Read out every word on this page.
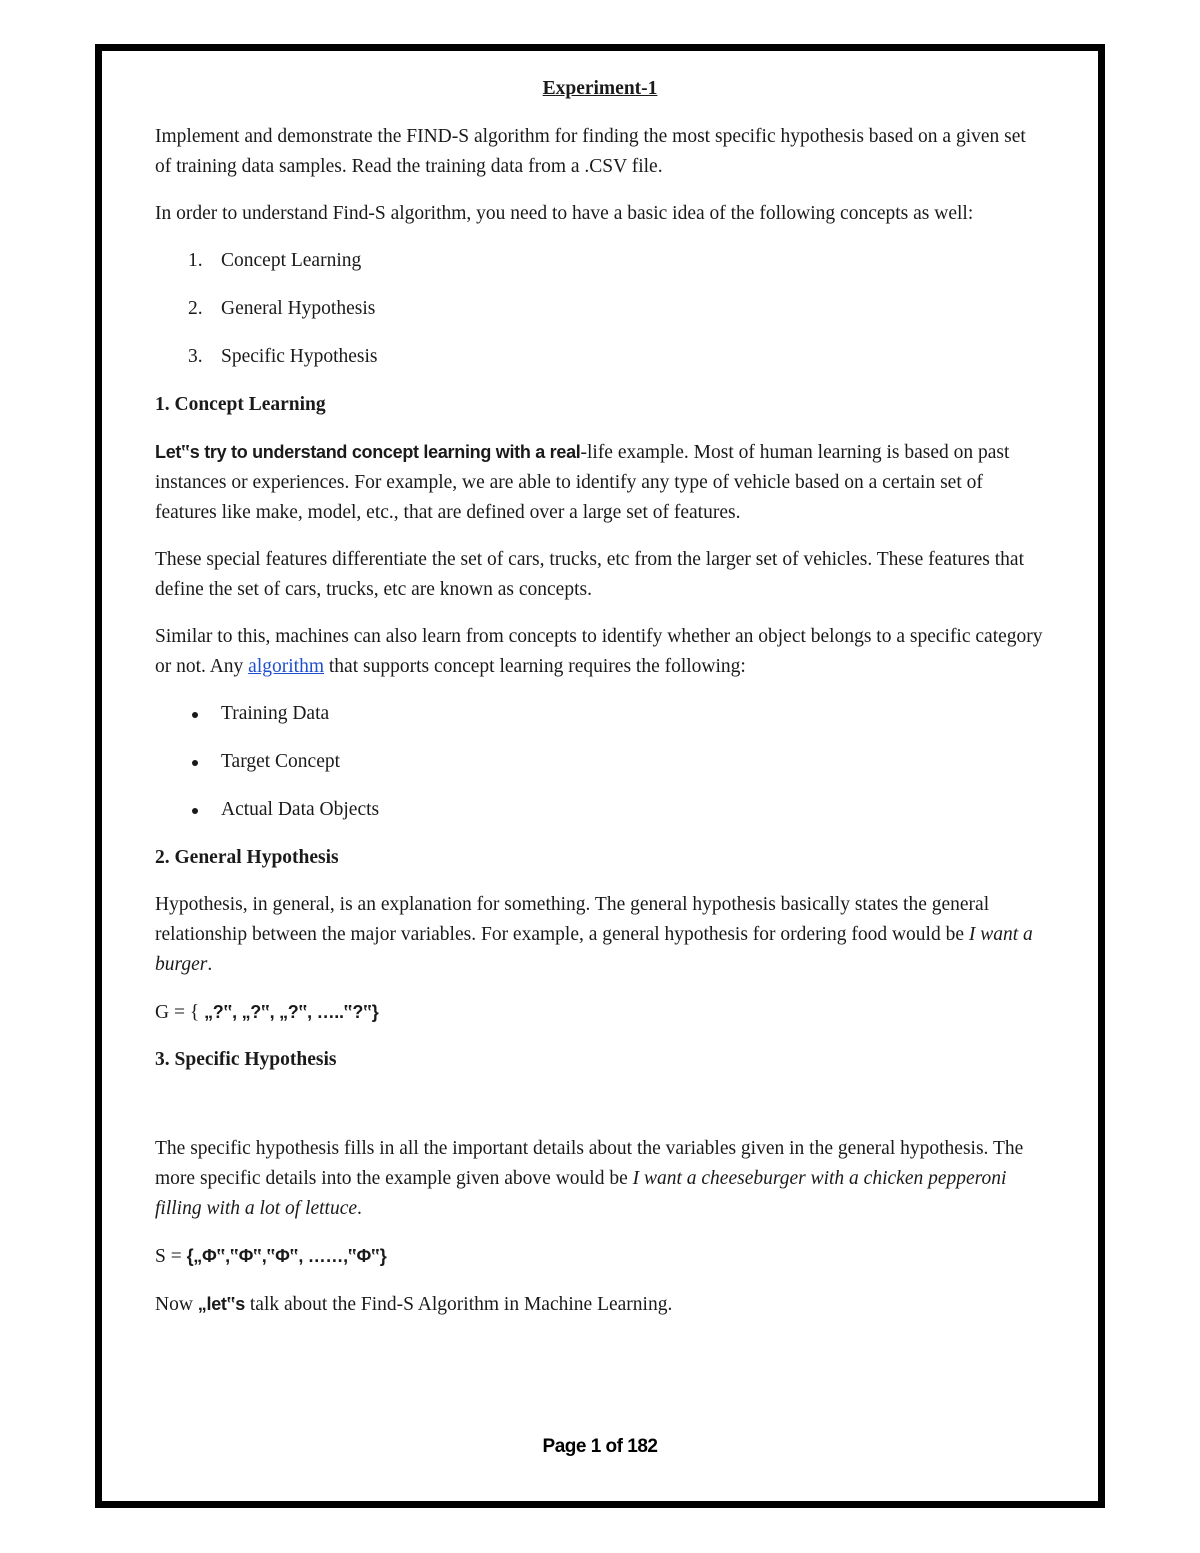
Experiment-1

Implement and demonstrate the FIND-S algorithm for finding the most specific hypothesis based on a given set of training data samples. Read the training data from a .CSV file.

In order to understand Find-S algorithm, you need to have a basic idea of the following concepts as well:

1. Concept Learning
2. General Hypothesis
3. Specific Hypothesis
1. Concept Learning

Let‟s try to understand concept learning with a real-life example. Most of human learning is based on past instances or experiences. For example, we are able to identify any type of vehicle based on a certain set of features like make, model, etc., that are defined over a large set of features.

These special features differentiate the set of cars, trucks, etc from the larger set of vehicles. These features that define the set of cars, trucks, etc are known as concepts.

Similar to this, machines can also learn from concepts to identify whether an object belongs to a specific category or not. Any algorithm that supports concept learning requires the following:

Training Data
Target Concept
Actual Data Objects
2. General Hypothesis

Hypothesis, in general, is an explanation for something. The general hypothesis basically states the general relationship between the major variables. For example, a general hypothesis for ordering food would be I want a burger.

G = { „?‟, „?‟, „?‟, …..‟?‟}

3. Specific Hypothesis

The specific hypothesis fills in all the important details about the variables given in the general hypothesis. The more specific details into the example given above would be I want a cheeseburger with a chicken pepperoni filling with a lot of lettuce.

S = {„Φ‟,‟Φ‟,‟Φ‟, ……,‟Φ‟}

Now „let‟s talk about the Find-S Algorithm in Machine Learning.

Page 1 of 182
